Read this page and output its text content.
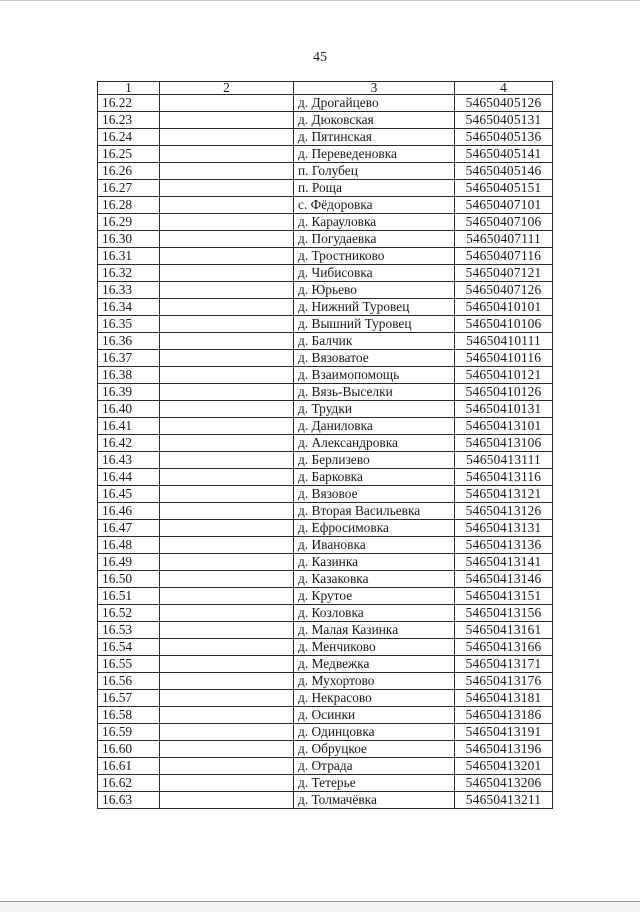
45
1	2	3	4
16.22		д. Дрогайцево	54650405126
16.23		д. Дюковская	54650405131
16.24		д. Пятинская	54650405136
16.25		д. Переведеновка	54650405141
16.26		п. Голубец	54650405146
16.27		п. Роща	54650405151
16.28		с. Фёдоровка	54650407101
16.29		д. Карауловка	54650407106
16.30		д. Погудаевка	54650407111
16.31		д. Тростниково	54650407116
16.32		д. Чибисовка	54650407121
16.33		д. Юрьево	54650407126
16.34		д. Нижний Туровец	54650410101
16.35		д. Вышний Туровец	54650410106
16.36		д. Балчик	54650410111
16.37		д. Вязоватое	54650410116
16.38		д. Взаимопомощь	54650410121
16.39		д. Вязь-Выселки	54650410126
16.40		д. Трудки	54650410131
16.41		д. Даниловка	54650413101
16.42		д. Александровка	54650413106
16.43		д. Берлизево	54650413111
16.44		д. Барковка	54650413116
16.45		д. Вязовое	54650413121
16.46		д. Вторая Васильевка	54650413126
16.47		д. Ефросимовка	54650413131
16.48		д. Ивановка	54650413136
16.49		д. Казинка	54650413141
16.50		д. Казаковка	54650413146
16.51		д. Крутое	54650413151
16.52		д. Козловка	54650413156
16.53		д. Малая Казинка	54650413161
16.54		д. Менчиково	54650413166
16.55		д. Медвежка	54650413171
16.56		д. Мухортово	54650413176
16.57		д. Некрасово	54650413181
16.58		д. Осинки	54650413186
16.59		д. Одинцовка	54650413191
16.60		д. Обруцкое	54650413196
16.61		д. Отрада	54650413201
16.62		д. Тетерье	54650413206
16.63		д. Толмачёвка	54650413211
